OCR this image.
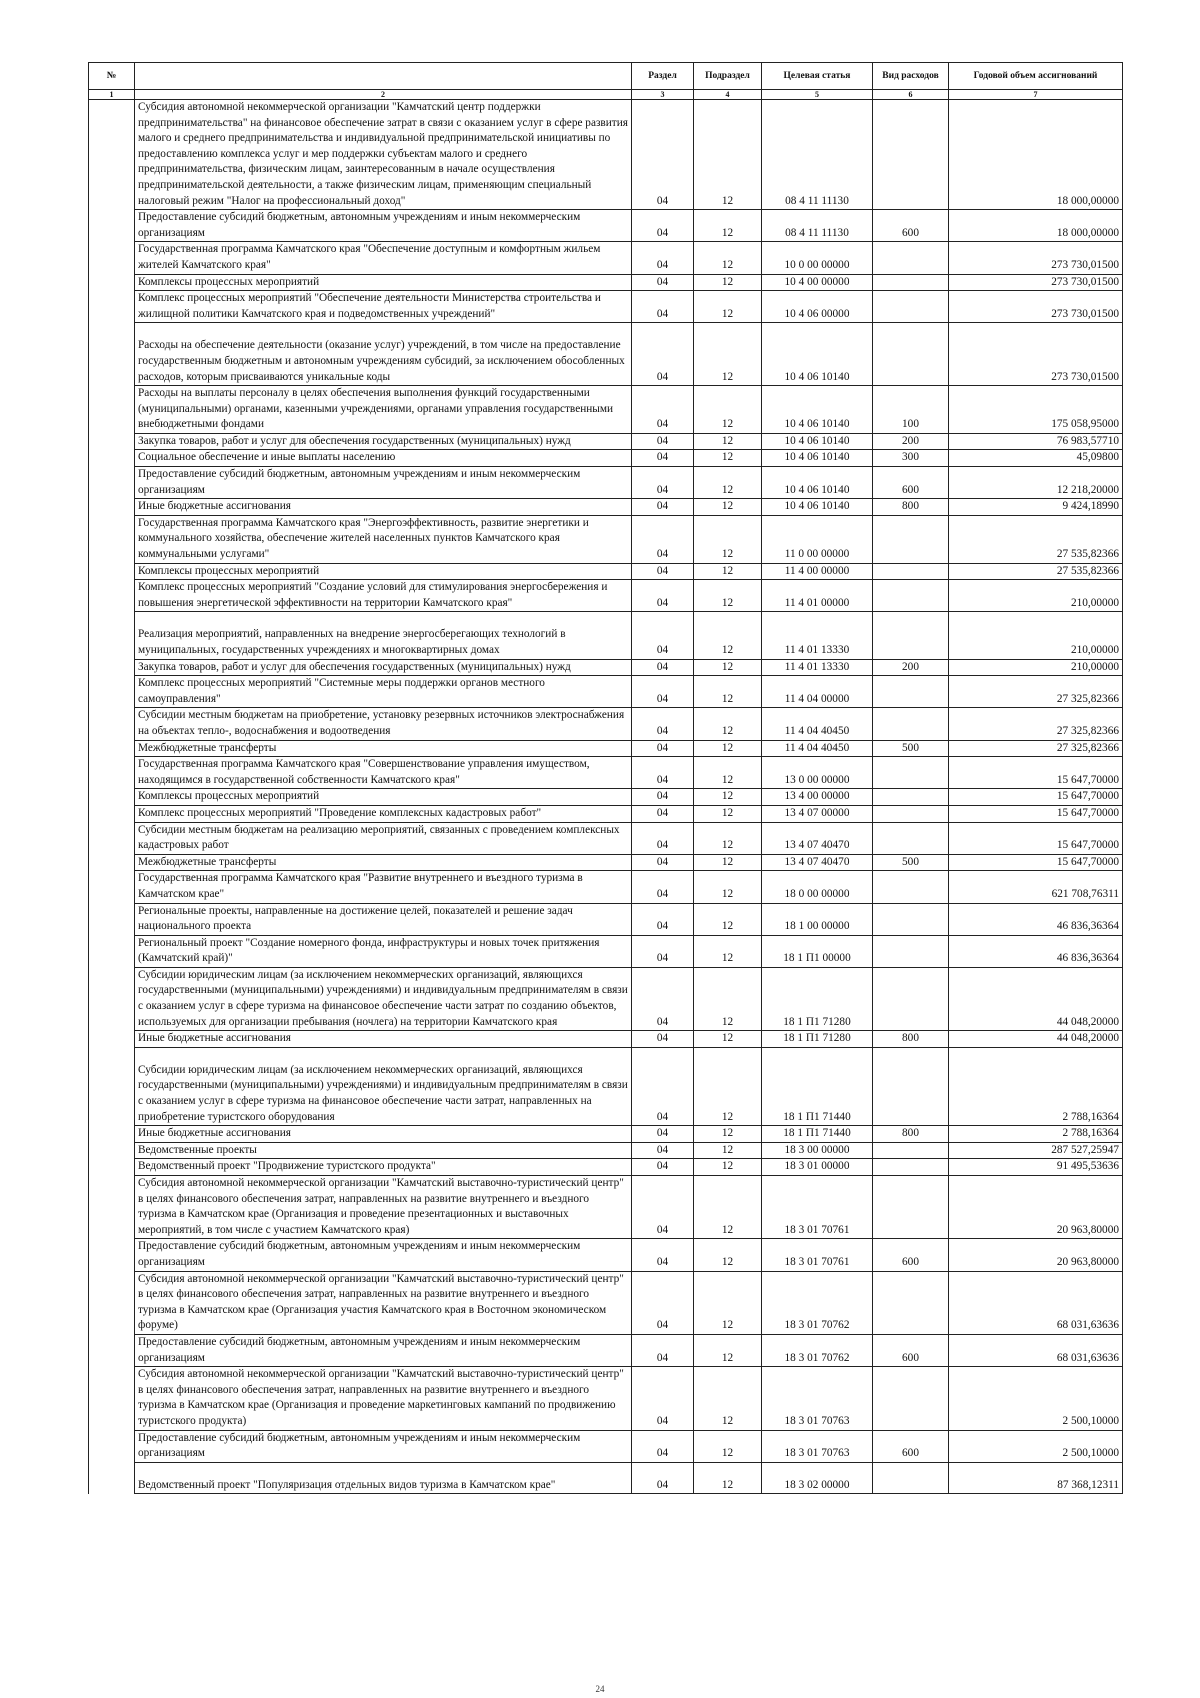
№		Раздел	Подраздел	Целевая статья	Вид расходов	Годовой объем ассигнований
1	2	3	4	5	6	7
	Субсидия автономной некоммерческой организации "Камчатский центр поддержки предпринимательства" на финансовое обеспечение затрат в связи с оказанием услуг в сфере развития малого и среднего предпринимательства и индивидуальной предпринимательской инициативы по предоставлению комплекса услуг и мер поддержки субъектам малого и среднего предпринимательства, физическим лицам, заинтересованным в начале осуществления предпринимательской деятельности, а также физическим лицам, применяющим специальный налоговый режим "Налог на профессиональный доход"	04	12	08 4 11 11130		18 000,00000
	Предоставление субсидий бюджетным, автономным учреждениям и иным некоммерческим организациям	04	12	08 4 11 11130	600	18 000,00000
	Государственная программа Камчатского края "Обеспечение доступным и комфортным жильем жителей Камчатского края"	04	12	10 0 00 00000		273 730,01500
	Комплексы процессных мероприятий	04	12	10 4 00 00000		273 730,01500
	Комплекс процессных мероприятий "Обеспечение деятельности Министерства строительства и жилищной политики Камчатского края и подведомственных учреждений"	04	12	10 4 06 00000		273 730,01500
	Расходы на обеспечение деятельности (оказание услуг) учреждений, в том числе на предоставление государственным бюджетным и автономным учреждениям субсидий, за исключением обособленных расходов, которым присваиваются уникальные коды	04	12	10 4 06 10140		273 730,01500
	Расходы на выплаты персоналу в целях обеспечения выполнения функций государственными (муниципальными) органами, казенными учреждениями, органами управления государственными внебюджетными фондами	04	12	10 4 06 10140	100	175 058,95000
	Закупка товаров, работ и услуг для обеспечения государственных (муниципальных) нужд	04	12	10 4 06 10140	200	76 983,57710
	Социальное обеспечение и иные выплаты населению	04	12	10 4 06 10140	300	45,09800
	Предоставление субсидий бюджетным, автономным учреждениям и иным некоммерческим организациям	04	12	10 4 06 10140	600	12 218,20000
	Иные бюджетные ассигнования	04	12	10 4 06 10140	800	9 424,18990
	Государственная программа Камчатского края "Энергоэффективность, развитие энергетики и коммунального хозяйства, обеспечение жителей населенных пунктов Камчатского края коммунальными услугами"	04	12	11 0 00 00000		27 535,82366
	Комплексы процессных мероприятий	04	12	11 4 00 00000		27 535,82366
	Комплекс процессных мероприятий "Создание условий для стимулирования энергосбережения и повышения энергетической эффективности на территории Камчатского края"	04	12	11 4 01 00000		210,00000
	Реализация мероприятий, направленных на внедрение энергосберегающих технологий в муниципальных, государственных учреждениях и многоквартирных домах	04	12	11 4 01 13330		210,00000
	Закупка товаров, работ и услуг для обеспечения государственных (муниципальных) нужд	04	12	11 4 01 13330	200	210,00000
	Комплекс процессных мероприятий "Системные меры поддержки органов местного самоуправления"	04	12	11 4 04 00000		27 325,82366
	Субсидии местным бюджетам на приобретение, установку резервных источников электроснабжения на объектах тепло-, водоснабжения и водоотведения	04	12	11 4 04 40450		27 325,82366
	Межбюджетные трансферты	04	12	11 4 04 40450	500	27 325,82366
	Государственная программа Камчатского края "Совершенствование управления имуществом, находящимся в государственной собственности Камчатского края"	04	12	13 0 00 00000		15 647,70000
	Комплексы процессных мероприятий	04	12	13 4 00 00000		15 647,70000
	Комплекс процессных мероприятий "Проведение комплексных кадастровых работ"	04	12	13 4 07 00000		15 647,70000
	Субсидии местным бюджетам на реализацию мероприятий, связанных с проведением комплексных кадастровых работ	04	12	13 4 07 40470		15 647,70000
	Межбюджетные трансферты	04	12	13 4 07 40470	500	15 647,70000
	Государственная программа Камчатского края "Развитие внутреннего и въездного туризма в Камчатском крае"	04	12	18 0 00 00000		621 708,76311
	Региональные проекты, направленные на достижение целей, показателей и решение задач национального проекта	04	12	18 1 00 00000		46 836,36364
	Региональный проект "Создание номерного фонда, инфраструктуры и новых точек притяжения (Камчатский край)"	04	12	18 1 П1 00000		46 836,36364
	Субсидии юридическим лицам (за исключением некоммерческих организаций, являющихся государственными (муниципальными) учреждениями) и индивидуальным предпринимателям в связи с оказанием услуг в сфере туризма на финансовое обеспечение части затрат по созданию объектов, используемых для организации пребывания (ночлега) на территории Камчатского края	04	12	18 1 П1 71280		44 048,20000
	Иные бюджетные ассигнования	04	12	18 1 П1 71280	800	44 048,20000
	Субсидии юридическим лицам (за исключением некоммерческих организаций, являющихся государственными (муниципальными) учреждениями) и индивидуальным предпринимателям в связи с оказанием услуг в сфере туризма на финансовое обеспечение части затрат, направленных на приобретение туристского оборудования	04	12	18 1 П1 71440		2 788,16364
	Иные бюджетные ассигнования	04	12	18 1 П1 71440	800	2 788,16364
	Ведомственные проекты	04	12	18 3 00 00000		287 527,25947
	Ведомственный проект "Продвижение туристского продукта"	04	12	18 3 01 00000		91 495,53636
	Субсидия автономной некоммерческой организации "Камчатский выставочно-туристический центр" в целях финансового обеспечения затрат, направленных на развитие внутреннего и въездного туризма в Камчатском крае (Организация и проведение презентационных и выставочных мероприятий, в том числе с участием Камчатского края)	04	12	18 3 01 70761		20 963,80000
	Предоставление субсидий бюджетным, автономным учреждениям и иным некоммерческим организациям	04	12	18 3 01 70761	600	20 963,80000
	Субсидия автономной некоммерческой организации "Камчатский выставочно-туристический центр" в целях финансового обеспечения затрат, направленных на развитие внутреннего и въездного туризма в Камчатском крае (Организация участия Камчатского края в Восточном экономическом форуме)	04	12	18 3 01 70762		68 031,63636
	Предоставление субсидий бюджетным, автономным учреждениям и иным некоммерческим организациям	04	12	18 3 01 70762	600	68 031,63636
	Субсидия автономной некоммерческой организации "Камчатский выставочно-туристический центр" в целях финансового обеспечения затрат, направленных на развитие внутреннего и въездного туризма в Камчатском крае (Организация и проведение маркетинговых кампаний по продвижению туристского продукта)	04	12	18 3 01 70763		2 500,10000
	Предоставление субсидий бюджетным, автономным учреждениям и иным некоммерческим организациям	04	12	18 3 01 70763	600	2 500,10000
	Ведомственный проект "Популяризация отдельных видов туризма в Камчатском крае"	04	12	18 3 02 00000		87 368,12311
24
